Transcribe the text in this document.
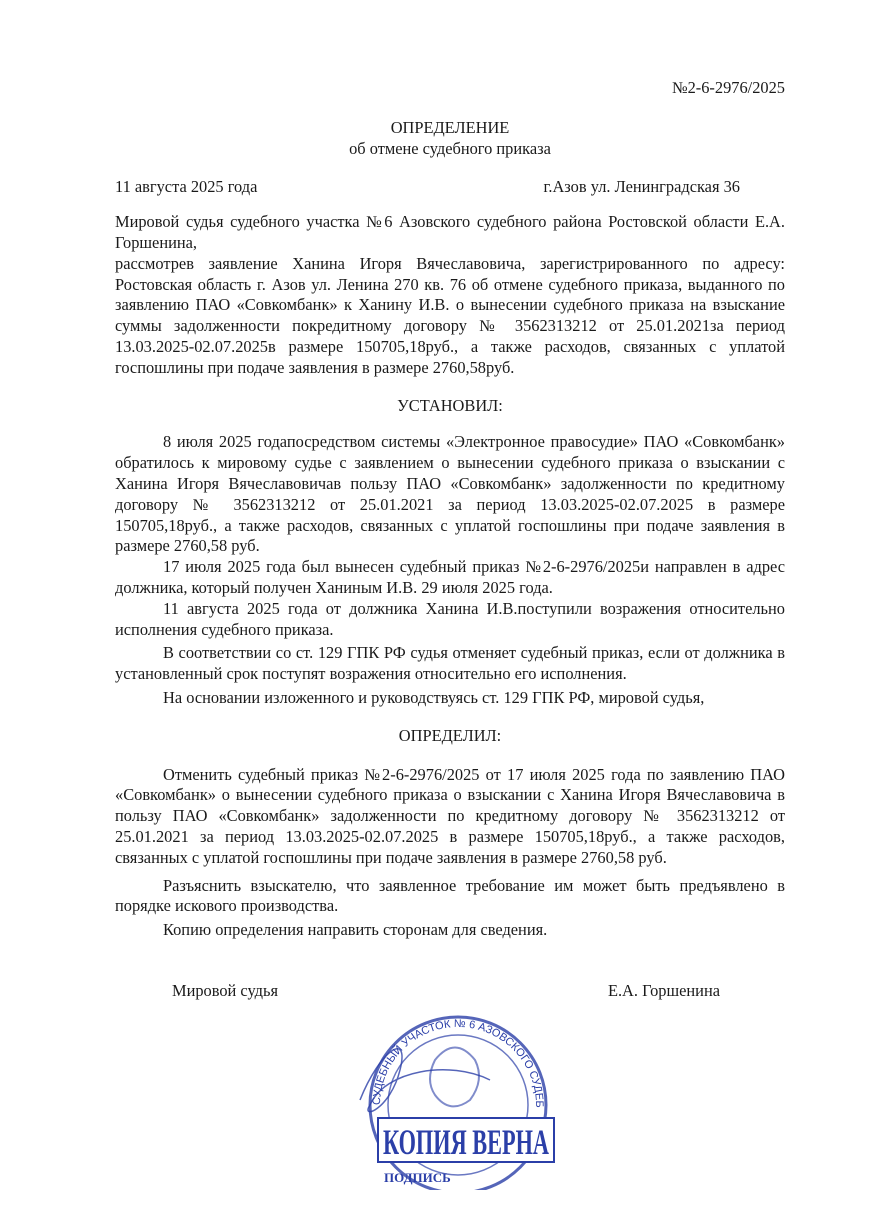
№2-6-2976/2025
ОПРЕДЕЛЕНИЕ
об отмене судебного приказа
11 августа 2025 года	г.Азов ул. Ленинградская 36

Мировой судья судебного участка №6 Азовского судебного района Ростовской области Е.А. Горшенина,

рассмотрев заявление Ханина Игоря Вячеславовича, зарегистрированного по адресу: Ростовская область г. Азов ул. Ленина 270 кв. 76 об отмене судебного приказа, выданного по заявлению ПАО «Совкомбанк» к Ханину И.В. о вынесении судебного приказа на взыскание суммы задолженности покредитному договору № 3562313212 от 25.01.2021за период 13.03.2025-02.07.2025в размере 150705,18руб., а также расходов, связанных с уплатой госпошлины при подаче заявления в размере 2760,58руб.

УСТАНОВИЛ:

8 июля 2025 годапосредством системы «Электронное правосудие» ПАО «Совкомбанк» обратилось к мировому судье с заявлением о вынесении судебного приказа о взыскании с Ханина Игоря Вячеславовичав пользу ПАО «Совкомбанк» задолженности по кредитному договору № 3562313212 от 25.01.2021 за период 13.03.2025-02.07.2025 в размере 150705,18руб., а также расходов, связанных с уплатой госпошлины при подаче заявления в размере 2760,58 руб.

17 июля 2025 года был вынесен судебный приказ №2-6-2976/2025и направлен в адрес должника, который получен Ханиным И.В. 29 июля 2025 года.

11 августа 2025 года от должника Ханина И.В.поступили возражения относительно исполнения судебного приказа.

В соответствии со ст. 129 ГПК РФ судья отменяет судебный приказ, если от должника в установленный срок поступят возражения относительно его исполнения.

На основании изложенного и руководствуясь ст. 129 ГПК РФ, мировой судья,

ОПРЕДЕЛИЛ:

Отменить судебный приказ №2-6-2976/2025 от 17 июля 2025 года по заявлению ПАО «Совкомбанк» о вынесении судебного приказа о взыскании с Ханина Игоря Вячеславовича в пользу ПАО «Совкомбанк» задолженности по кредитному договору № 3562313212 от 25.01.2021 за период 13.03.2025-02.07.2025 в размере 150705,18руб., а также расходов, связанных с уплатой госпошлины при подаче заявления в размере 2760,58 руб.

Разъяснить взыскателю, что заявленное требование им может быть предъявлено в порядке искового производства.

Копию определения направить сторонам для сведения.

Мировой судья	Е.А. Горшенина
СУДЕБНЫЙ УЧАСТОК № 6 АЗОВСКОГО СУДЕБ
КОПИЯ ВЕРНА
ПОДПИСЬ
